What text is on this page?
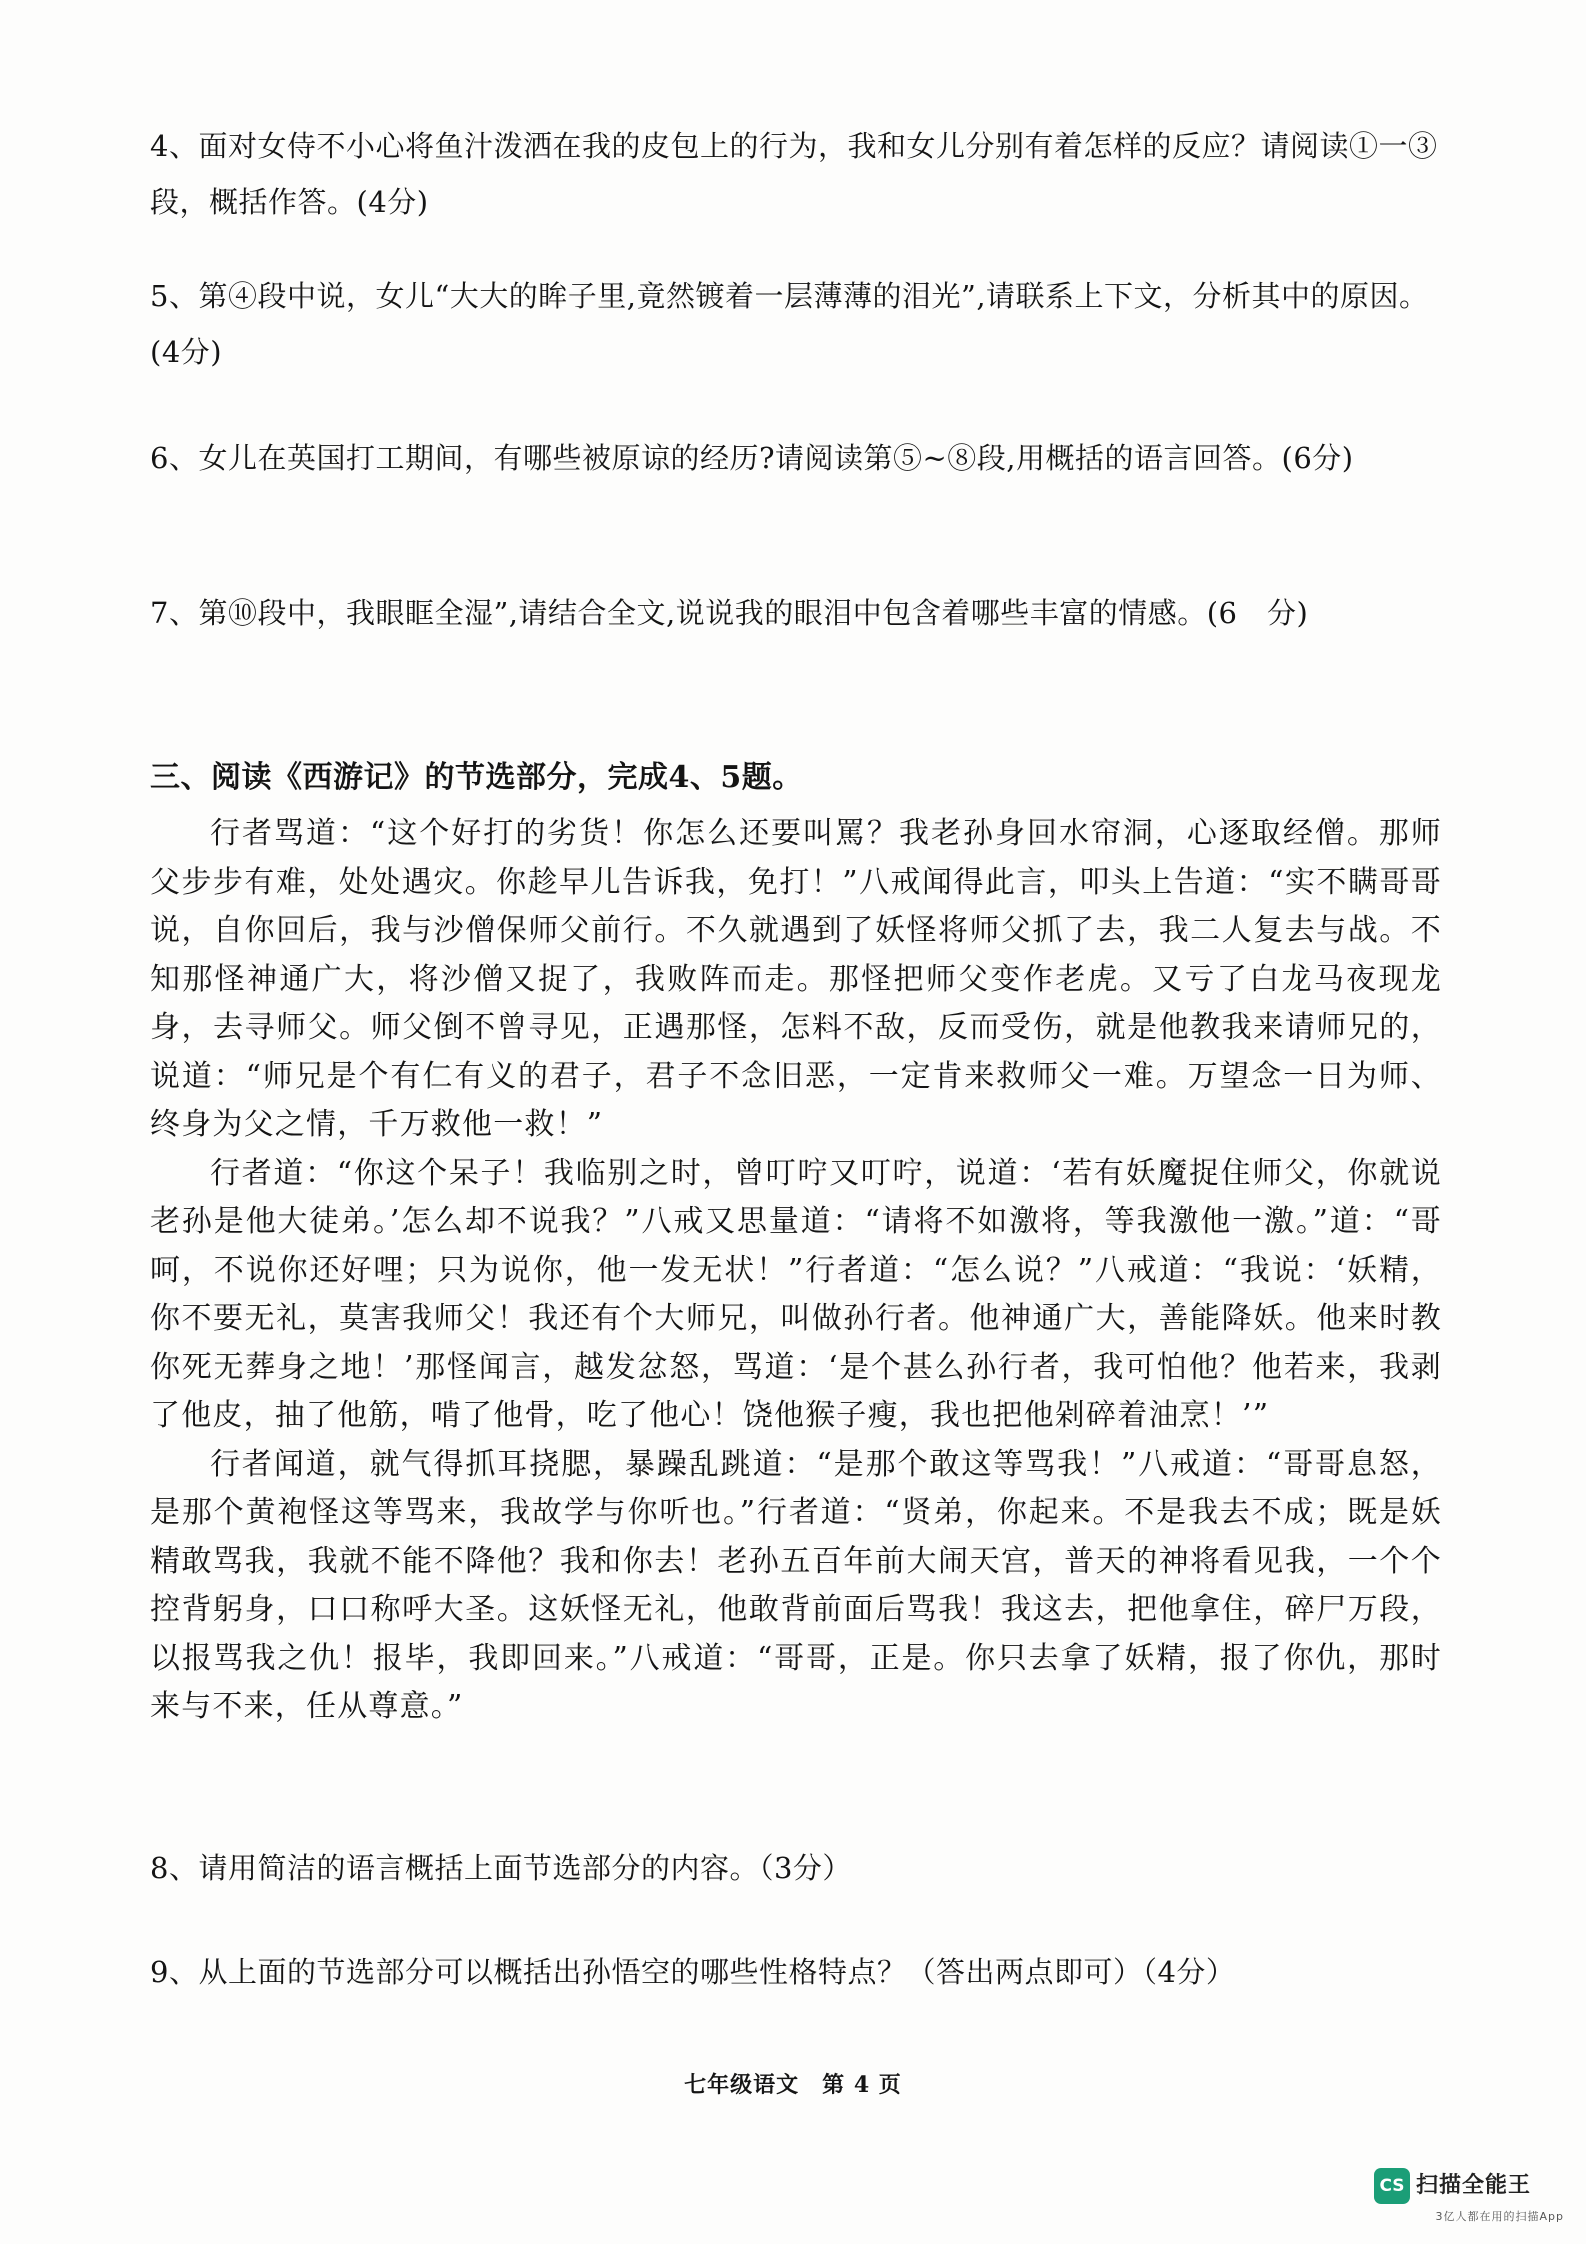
4、面对女侍不小心将鱼汁泼洒在我的皮包上的行为，我和女儿分别有着怎样的反应？请阅读①一③段，概括作答。(4分)
5、第④段中说，女儿“大大的眸子里,竟然镀着一层薄薄的泪光”,请联系上下文，分析其中的原因。(4分)
6、女儿在英国打工期间，有哪些被原谅的经历?请阅读第⑤~⑧段,用概括的语言回答。(6分)
7、第⑩段中，我眼眶全湿”,请结合全文,说说我的眼泪中包含着哪些丰富的情感。(6　分)
三、阅读《西游记》的节选部分，完成4、5题。

行者骂道：“这个好打的劣货！你怎么还要叫罵？我老孙身回水帘洞，心逐取经僧。那师父步步有难，处处遇灾。你趁早儿告诉我，免打！”八戒闻得此言，叩头上告道：“实不瞒哥哥说，自你回后，我与沙僧保师父前行。不久就遇到了妖怪将师父抓了去，我二人复去与战。不知那怪神通广大，将沙僧又捉了，我败阵而走。那怪把师父变作老虎。又亏了白龙马夜现龙身，去寻师父。师父倒不曾寻见，正遇那怪，怎料不敌，反而受伤，就是他教我来请师兄的，说道：“师兄是个有仁有义的君子，君子不念旧恶，一定肯来救师父一难。万望念一日为师、终身为父之情，千万救他一救！”

行者道：“你这个呆子！我临别之时，曾叮咛又叮咛，说道：‘若有妖魔捉住师父，你就说老孙是他大徒弟。’怎么却不说我？”八戒又思量道：“请将不如激将，等我激他一激。”道：“哥呵，不说你还好哩；只为说你，他一发无状！”行者道：“怎么说？”八戒道：“我说：‘妖精，你不要无礼，莫害我师父！我还有个大师兄，叫做孙行者。他神通广大，善能降妖。他来时教你死无葬身之地！’那怪闻言，越发忿怒，骂道：‘是个甚么孙行者，我可怕他？他若来，我剥了他皮，抽了他筋，啃了他骨，吃了他心！饶他猴子瘦，我也把他剁碎着油烹！’”

行者闻道，就气得抓耳挠腮，暴躁乱跳道：“是那个敢这等骂我！”八戒道：“哥哥息怒，是那个黄袍怪这等骂来，我故学与你听也。”行者道：“贤弟，你起来。不是我去不成；既是妖精敢骂我，我就不能不降他？我和你去！老孙五百年前大闹天宫，普天的神将看见我，一个个控背躬身，口口称呼大圣。这妖怪无礼，他敢背前面后骂我！我这去，把他拿住，碎尸万段，以报骂我之仇！报毕，我即回来。”八戒道：“哥哥，正是。你只去拿了妖精，报了你仇，那时来与不来，任从尊意。”

8、请用简洁的语言概括上面节选部分的内容。（3分）
9、从上面的节选部分可以概括出孙悟空的哪些性格特点？（答出两点即可）（4分）
七年级语文　第 4 页
CS 扫描全能王
3亿人都在用的扫描App
